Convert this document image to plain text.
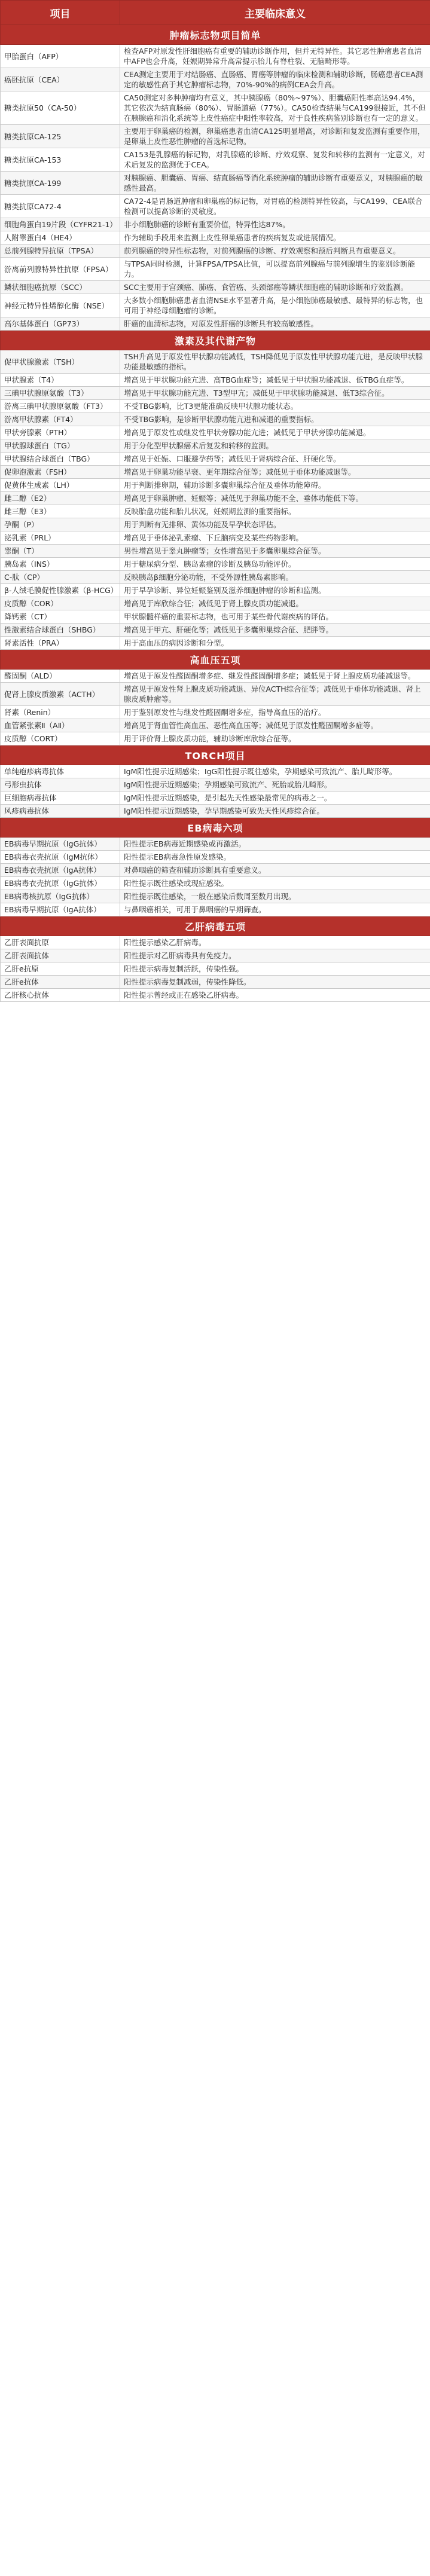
项目	主要临床意义
肿瘤标志物项目简单	
甲胎蛋白（AFP）	检查AFP对原发性肝细胞癌有重要的辅助诊断作用，但并无特异性。其它恶性肿瘤患者血清中AFP也会升高，妊娠期异常升高常提示胎儿有脊柱裂、无脑畸形等。
癌胚抗原（CEA）	CEA测定主要用于对结肠癌、直肠癌、胃癌等肿瘤的临床检测和辅助诊断，肠癌患者CEA测定的敏感性高于其它肿瘤标志物，70%-90%的病例CEA会升高。
糖类抗原50（CA-50）	CA50测定对多种肿瘤均有意义，其中胰腺癌（80%~97%）、胆囊癌阳性率高达94.4%，其它依次为结直肠癌（80%）、胃肠道癌（77%）。CA50检查结果与CA199很接近，其不但在胰腺癌和消化系统等上皮性癌症中阳性率较高，对于良性疾病鉴别诊断也有一定的意义。
糖类抗原CA-125	主要用于卵巢癌的检测，卵巢癌患者血清CA125明显增高，对诊断和复发监测有重要作用，是卵巢上皮性恶性肿瘤的首选标记物。
糖类抗原CA-153	CA153是乳腺癌的标记物，对乳腺癌的诊断、疗效观察、复发和转移的监测有一定意义，对术后复发的监测优于CEA。
糖类抗原CA-199	对胰腺癌、胆囊癌、胃癌、结直肠癌等消化系统肿瘤的辅助诊断有重要意义，对胰腺癌的敏感性最高。
糖类抗原CA72-4	CA72-4是胃肠道肿瘤和卵巢癌的标记物，对胃癌的检测特异性较高，与CA199、CEA联合检测可以提高诊断的灵敏度。
细胞角蛋白19片段（CYFR21-1）	非小细胞肺癌的诊断有重要价值，特异性达87%。
人附睾蛋白4（HE4）	作为辅助手段用来监测上皮性卵巢癌患者的疾病复发或进展情况。
总前列腺特异抗原（TPSA）	前列腺癌的特异性标志物，对前列腺癌的诊断、疗效观察和预后判断具有重要意义。
游离前列腺特异性抗原（FPSA）	与TPSA同时检测，计算FPSA/TPSA比值，可以提高前列腺癌与前列腺增生的鉴别诊断能力。
鳞状细胞癌抗原（SCC）	SCC主要用于宫颈癌、肺癌、食管癌、头颈部癌等鳞状细胞癌的辅助诊断和疗效监测。
神经元特异性烯醇化酶（NSE）	大多数小细胞肺癌患者血清NSE水平显著升高，是小细胞肺癌最敏感、最特异的标志物，也可用于神经母细胞瘤的诊断。
高尔基体蛋白（GP73）	肝癌的血清标志物，对原发性肝癌的诊断具有较高敏感性。
激素及其代谢产物	
促甲状腺激素（TSH）	TSH升高见于原发性甲状腺功能减低，TSH降低见于原发性甲状腺功能亢进，是反映甲状腺功能最敏感的指标。
甲状腺素（T4）	增高见于甲状腺功能亢进、高TBG血症等；减低见于甲状腺功能减退、低TBG血症等。
三碘甲状腺原氨酸（T3）	增高见于甲状腺功能亢进、T3型甲亢；减低见于甲状腺功能减退、低T3综合征。
游离三碘甲状腺原氨酸（FT3）	不受TBG影响，比T3更能准确反映甲状腺功能状态。
游离甲状腺素（FT4）	不受TBG影响，是诊断甲状腺功能亢进和减退的重要指标。
甲状旁腺素（PTH）	增高见于原发性或继发性甲状旁腺功能亢进；减低见于甲状旁腺功能减退。
甲状腺球蛋白（TG）	用于分化型甲状腺癌术后复发和转移的监测。
甲状腺结合球蛋白（TBG）	增高见于妊娠、口服避孕药等；减低见于肾病综合征、肝硬化等。
促卵泡激素（FSH）	增高见于卵巢功能早衰、更年期综合征等；减低见于垂体功能减退等。
促黄体生成素（LH）	用于判断排卵期，辅助诊断多囊卵巢综合征及垂体功能障碍。
雌二醇（E2）	增高见于卵巢肿瘤、妊娠等；减低见于卵巢功能不全、垂体功能低下等。
雌三醇（E3）	反映胎盘功能和胎儿状况，妊娠期监测的重要指标。
孕酮（P）	用于判断有无排卵、黄体功能及早孕状态评估。
泌乳素（PRL）	增高见于垂体泌乳素瘤、下丘脑病变及某些药物影响。
睾酮（T）	男性增高见于睾丸肿瘤等；女性增高见于多囊卵巢综合征等。
胰岛素（INS）	用于糖尿病分型、胰岛素瘤的诊断及胰岛功能评价。
C-肽（CP）	反映胰岛β细胞分泌功能，不受外源性胰岛素影响。
β-人绒毛膜促性腺激素（β-HCG）	用于早孕诊断、异位妊娠鉴别及滋养细胞肿瘤的诊断和监测。
皮质醇（COR）	增高见于库欣综合征；减低见于肾上腺皮质功能减退。
降钙素（CT）	甲状腺髓样癌的重要标志物，也可用于某些骨代谢疾病的评估。
性激素结合球蛋白（SHBG）	增高见于甲亢、肝硬化等；减低见于多囊卵巢综合征、肥胖等。
肾素活性（PRA）	用于高血压的病因诊断和分型。
高血压五项	
醛固酮（ALD）	增高见于原发性醛固酮增多症、继发性醛固酮增多症；减低见于肾上腺皮质功能减退等。
促肾上腺皮质激素（ACTH）	增高见于原发性肾上腺皮质功能减退、异位ACTH综合征等；减低见于垂体功能减退、肾上腺皮质肿瘤等。
肾素（Renin）	用于鉴别原发性与继发性醛固酮增多症，指导高血压的治疗。
血管紧张素Ⅱ（AⅡ）	增高见于肾血管性高血压、恶性高血压等；减低见于原发性醛固酮增多症等。
皮质醇（CORT）	用于评价肾上腺皮质功能，辅助诊断库欣综合征等。
TORCH项目	
单纯疱疹病毒抗体	IgM阳性提示近期感染；IgG阳性提示既往感染，孕期感染可致流产、胎儿畸形等。
弓形虫抗体	IgM阳性提示近期感染；孕期感染可致流产、死胎或胎儿畸形。
巨细胞病毒抗体	IgM阳性提示近期感染，是引起先天性感染最常见的病毒之一。
风疹病毒抗体	IgM阳性提示近期感染，孕早期感染可致先天性风疹综合征。
EB病毒六项	
EB病毒早期抗原（IgG抗体）	阳性提示EB病毒近期感染或再激活。
EB病毒衣壳抗原（IgM抗体）	阳性提示EB病毒急性原发感染。
EB病毒衣壳抗原（IgA抗体）	对鼻咽癌的筛查和辅助诊断具有重要意义。
EB病毒衣壳抗原（IgG抗体）	阳性提示既往感染或现症感染。
EB病毒核抗原（IgG抗体）	阳性提示既往感染，一般在感染后数周至数月出现。
EB病毒早期抗原（IgA抗体）	与鼻咽癌相关，可用于鼻咽癌的早期筛查。
乙肝病毒五项	
乙肝表面抗原	阳性提示感染乙肝病毒。
乙肝表面抗体	阳性提示对乙肝病毒具有免疫力。
乙肝e抗原	阳性提示病毒复制活跃，传染性强。
乙肝e抗体	阳性提示病毒复制减弱，传染性降低。
乙肝核心抗体	阳性提示曾经或正在感染乙肝病毒。
